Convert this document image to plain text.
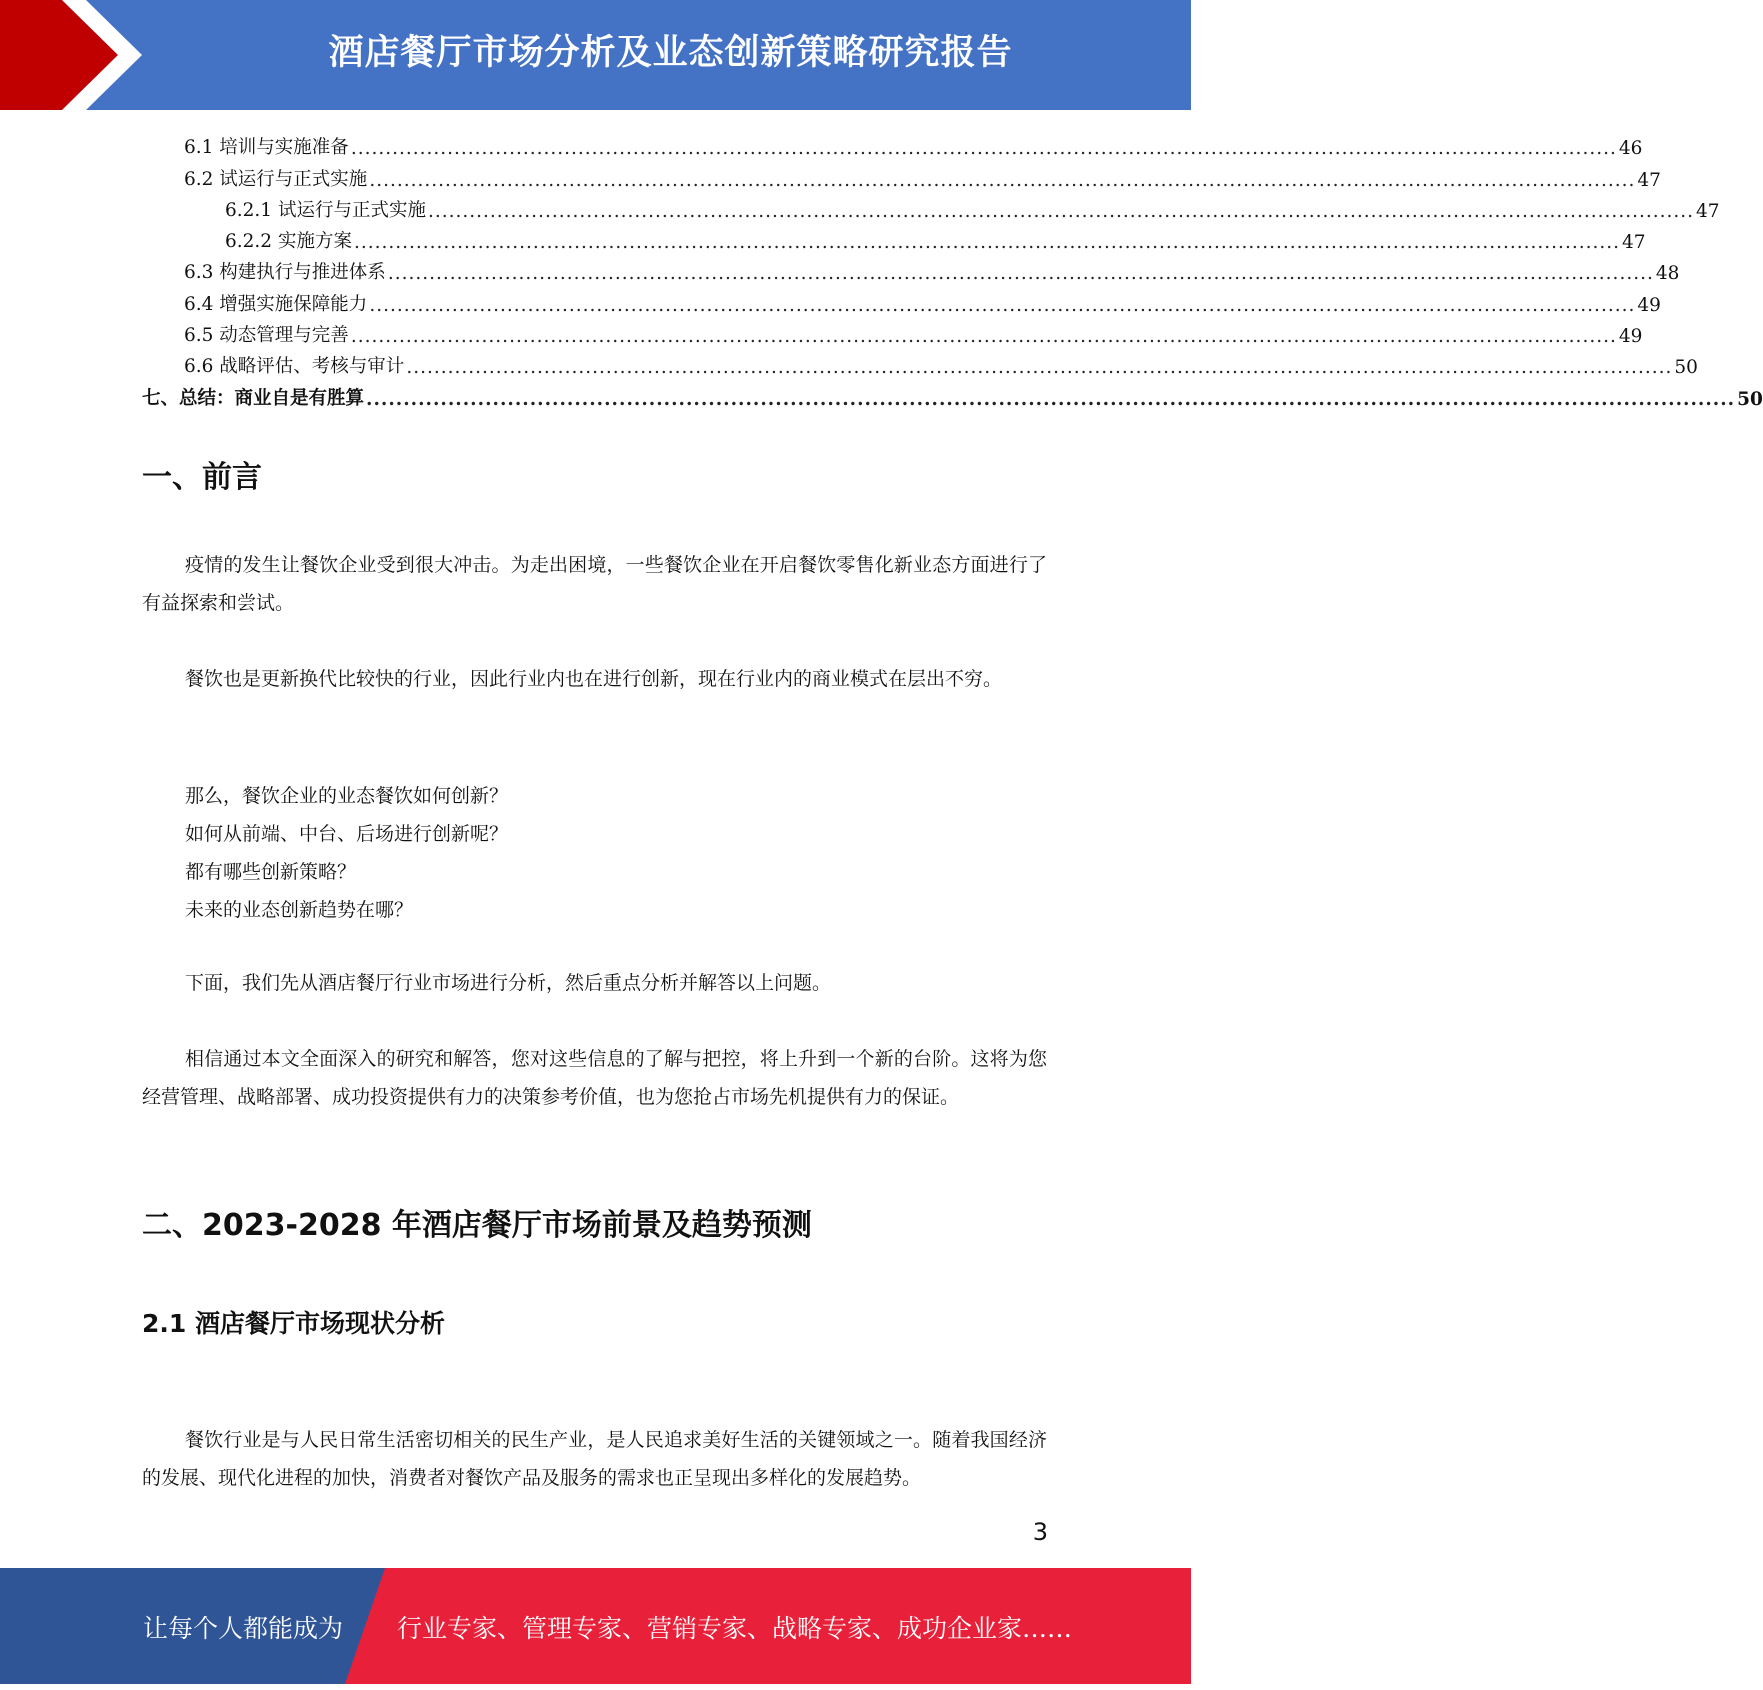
酒店餐厅市场分析及业态创新策略研究报告
6.1 培训与实施准备 ........................................................................................................................................................................................ 46
6.2 试运行与正式实施 ........................................................................................................................................................................................ 47
6.2.1 试运行与正式实施 ........................................................................................................................................................................................ 47
6.2.2 实施方案 ........................................................................................................................................................................................ 47
6.3 构建执行与推进体系 ........................................................................................................................................................................................ 48
6.4 增强实施保障能力 ........................................................................................................................................................................................ 49
6.5 动态管理与完善 ........................................................................................................................................................................................ 49
6.6 战略评估、考核与审计 ........................................................................................................................................................................................ 50
七、总结：商业自是有胜算 ........................................................................................................................................................................................ 50
一、前言

疫情的发生让餐饮企业受到很大冲击。为走出困境，一些餐饮企业在开启餐饮零售化新业态方面进行了有益探索和尝试。

餐饮也是更新换代比较快的行业，因此行业内也在进行创新，现在行业内的商业模式在层出不穷。

那么，餐饮企业的业态餐饮如何创新？

如何从前端、中台、后场进行创新呢？

都有哪些创新策略？

未来的业态创新趋势在哪？

下面，我们先从酒店餐厅行业市场进行分析，然后重点分析并解答以上问题。

相信通过本文全面深入的研究和解答，您对这些信息的了解与把控，将上升到一个新的台阶。这将为您经营管理、战略部署、成功投资提供有力的决策参考价值，也为您抢占市场先机提供有力的保证。

二、2023-2028 年酒店餐厅市场前景及趋势预测
2.1 酒店餐厅市场现状分析

餐饮行业是与人民日常生活密切相关的民生产业，是人民追求美好生活的关键领域之一。随着我国经济的发展、现代化进程的加快，消费者对餐饮产品及服务的需求也正呈现出多样化的发展趋势。

3
让每个人都能成为 行业专家、管理专家、营销专家、战略专家、成功企业家……
